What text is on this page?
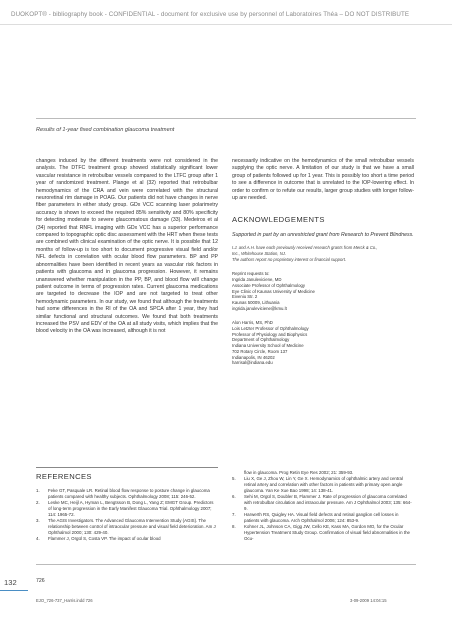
DUOKOPT® - bibliography book - CONFIDENTIAL - document for exclusive use by personnel of Laboratoires Théa – DO NOT DISTRIBUTE
Results of 1-year fixed combination glaucoma treatment

changes induced by the different treatments were not considered in the analysis. The DTFC treatment group showed statistically significant lower vascular resistance in retrobulbar vessels compared to the LTFC group after 1 year of randomized treatment. Plange et al (32) reported that retrobulbar hemodynamics of the CRA and vein were correlated with the structural neuroretinal rim damage in POAG. Our patients did not have changes in nerve fiber parameters in either study group. GDx VCC scanning laser polarimetry accuracy is shown to exceed the required 85% sensitivity and 80% specificity for detecting moderate to severe glaucomatous damage (33). Medeiros et al (34) reported that RNFL imaging with GDx VCC has a superior performance compared to topographic optic disc assessment with the HRT when these tests are combined with clinical examination of the optic nerve. It is possible that 12 months of follow-up is too short to document progressive visual field and/or NFL defects in correlation with ocular blood flow parameters. BP and PP abnormalities have been identified in recent years as vascular risk factors in patients with glaucoma and in glaucoma progression. However, it remains unanswered whether manipulation in the PP, BP, and blood flow will change patient outcome in terms of progression rates. Current glaucoma medications are targeted to decrease the IOP and are not targeted to treat other hemodynamic parameters. In our study, we found that although the treatments had some differences in the RI of the OA and SPCA after 1 year, they had similar functional and structural outcomes. We found that both treatments increased the PSV and EDV of the OA at all study visits, which implies that the blood velocity in the OA was increased, although it is not

necessarily indicative on the hemodynamics of the small retrobulbar vessels supplying the optic nerve. A limitation of our study is that we have a small group of patients followed up for 1 year. This is possibly too short a time period to see a difference in outcome that is unrelated to the IOP-lowering effect. In order to confirm or to refute our results, larger group studies with longer follow-up are needed.

ACKNOWLEDGEMENTS
Supported in part by an unrestricted grant from Research to Prevent Blindness.
I.J. and A.H. have each previously received research grants from Merck & Co.,
Inc., Whitehouse Station, NJ.
The authors report no proprietary interest or financial support.
Reprint requests to:
Ingrida Januleviciene, MD
Associate Professor of Ophthalmology
Eye Clinic of Kaunas University of Medicine
Eiveniu Str. 2
Kaunas 50009, Lithuania
ingrida.januleviciene@kmu.lt
Alon Harris, MS, PhD
Lois Letzter Professor of Ophthalmology
Professor of Physiology and Biophysics
Department of Ophthalmology
Indiana University School of Medicine
702 Rotary Circle, Room 137
Indianapolis, IN 46202
harrisal@indiana.edu
REFERENCES
1. Feke GT, Pasquale LR. Retinal blood flow response to posture change in glaucoma patients compared with healthy subjects. Ophthalmology 2008; 115: 246-52.
2. Leske MC, Heijl A, Hyman L, Bengtsson B, Dong L, Yang Z; EMGT Group. Predictors of long-term progression in the Early Manifest Glaucoma Trial. Ophthalmology 2007; 114: 1965-72.
3. The AGIS Investigators. The Advanced Glaucoma Intervention Study (AGIS). The relationship between control of intraocular pressure and visual field deterioration. Am J Ophthalmol 2000; 130: 429-40.
4. Flammer J, Orgül S, Costa VP. The impact of ocular blood
flow in glaucoma. Prog Retin Eye Res 2002; 21: 359-93.
5. Liu X, Ge J, Zhou W, Lin Y, Ge X. Hemodynamics of ophthalmic artery and central retinal artery and correlation with other factors in patients with primary open angle glaucoma. Yan Ke Xue Bao 1998; 14: 138-41.
6. Sehi M, Orgül S, Doubler B, Flammer J. Rate of progression of glaucoma correlated with retrobulbar circulation and intraocular pressure. Am J Ophthalmol 2003; 135: 664-9.
7. Harwerth RS, Quigley HA. Visual field defects and retinal ganglion cell losses in patients with glaucoma. Arch Ophthalmol 2006; 124: 853-9.
8. Kohner JL, Johnson CA, Gigg JW, Cello KE, Kass MA, Gordon MO, for the Ocular Hypertension Treatment Study Group. Confirmation of visual field abnormalities in the Ocu-
726
EJO_726-737_Harris.indd 726	3-09-2009 14:04:15
132
